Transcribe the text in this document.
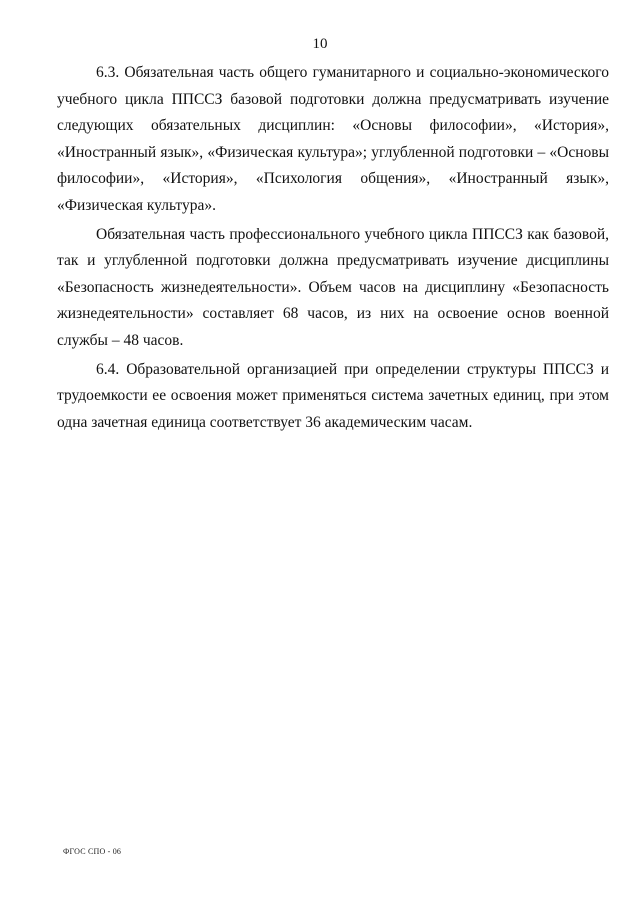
10

6.3. Обязательная часть общего гуманитарного и социально-экономического учебного цикла ППССЗ базовой подготовки должна предусматривать изучение следующих обязательных дисциплин: «Основы философии», «История», «Иностранный язык», «Физическая культура»; углубленной подготовки – «Основы философии», «История», «Психология общения», «Иностранный язык», «Физическая культура».

Обязательная часть профессионального учебного цикла ППССЗ как базовой, так и углубленной подготовки должна предусматривать изучение дисциплины «Безопасность жизнедеятельности». Объем часов на дисциплину «Безопасность жизнедеятельности» составляет 68 часов, из них на освоение основ военной службы – 48 часов.

6.4. Образовательной организацией при определении структуры ППССЗ и трудоемкости ее освоения может применяться система зачетных единиц, при этом одна зачетная единица соответствует 36 академическим часам.

ФГОС СПО - 06
